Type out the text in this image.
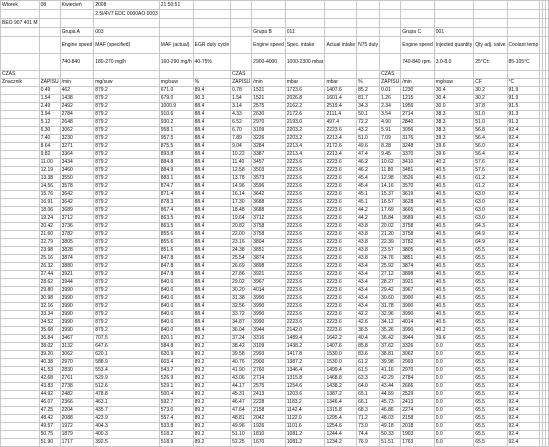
Wtorek	08	Kwiecień	2008	21:50:51														
			2.5l/4V7 EDC 0000AO 0003															
BEO 907 401 M																		
		Grupa A	003				Grupa B	011				Grupa C	001					
		Engine speed	MAF (specified)	MAF (actual)	EGR duty cycle		Engine speed	Spec. intake	Actual intake	N75 duty		Engine speed	Injected quantity	Qty adj. valve	Coolant temp			
		740-840	180-270 mg/h	160-290 mg/h	40-75%		2900-4000	1000-2300 mbar				740-840 rpm	3.0-8.0	25°C±	85-105°C			
CZAS						CZAS					CZAS							
Znacznik	ZAPISU	/min	mg/suw	mg/suw	%	ZAPISU	/min	mbar	mbar	%	ZAPISU	/min	mg/suw	CF	°C			
	0.49	462	879.2	671.0	89.4	0.78	1521	1723.6	1407.6	85.2	0.01	1230	30.4	30.2	91.9			
	1.54	1438	879.2	679.0	90.3	1.54	1521	2026.8	1601.4	81.7	1.26	1215	30.4	30.2	91.9			
	2.49	2492	879.2	1000.9	88.4	3.14	2575	2162.2	2519.4	34.3	2.34	1956	30.0	37.8	91.5			
	3.94	2784	879.2	910.6	88.4	4.33	2630	2172.6	2111.4	50.1	3.54	2714	38.3	51.0	91.3			
	5.12	2648	879.2	930.2	88.4	6.52	2970	2193.0	497.4	72.2	4.90	2840	38.3	51.0	91.3			
	6.30	3062	879.2	958.1	88.4	6.70	3109	2203.2	2223.6	43.2	5.91	3056	38.3	56.8	92.4			
	7.40	3230	879.2	957.5	88.4	7.89	3226	2203.2	2213.4	51.0	7.09	3176	39.3	56.4	92.4			
	8.64	3271	879.2	875.5	88.4	9.04	3284	2213.4	2172.6	49.6	8.28	3248	39.6	56.0	92.4			
	9.82	3364	879.2	893.8	88.4	10.22	3387	2213.4	2213.4	47.4	9.45	3370	39.6	56.4	92.4			
	11.00	3434	879.2	884.8	88.4	11.40	3457	2223.6	2223.6	46.2	10.62	3410	40.2	57.6	92.4			
	12.19	3460	879.2	884.9	88.4	12.58	3503	2223.6	2223.6	46.2	11.80	3481	40.5	57.6	92.4			
	13.38	3550	879.2	883.1	88.4	13.78	3573	2223.6	2223.6	45.4	12.98	3526	40.5	61.2	92.4			
	14.56	3578	879.2	874.7	88.4	14.96	3596	2223.6	2223.6	45.4	14.16	3570	40.5	61.2	92.4			
	15.76	3642	879.2	871.4	88.4	16.14	3642	2223.6	2223.6	45.1	15.37	3619	40.5	63.0	92.4			
	16.91	3642	879.2	878.3	88.4	17.30	3688	2223.6	2223.6	45.1	16.57	3628	40.5	63.0	92.4			
	18.06	3689	879.2	867.4	88.4	18.48	3688	2223.6	2223.6	44.2	17.69	3665	40.5	63.0	92.4			
	19.24	3712	879.2	863.5	89.4	19.64	3712	2223.6	2223.6	44.2	18.84	3689	40.5	63.0	92.4			
	20.42	3736	879.2	863.5	88.4	20.82	3758	2223.6	2223.6	43.8	20.02	3758	40.5	64.3	92.4			
	21.60	3782	879.2	855.6	88.4	22.00	3758	2223.6	2223.6	43.8	21.20	3758	40.5	64.9	92.4			
	22.79	3805	879.2	855.6	88.4	23.16	3804	2223.6	2223.6	43.8	22.39	3782	40.5	64.9	92.4			
	23.98	3828	879.2	851.6	88.4	24.38	3851	2223.6	2223.6	43.8	23.57	3805	40.5	65.5	92.4			
	25.16	3874	879.2	847.8	88.4	25.54	3874	2223.6	2223.6	43.8	24.76	3851	40.5	65.5	92.4			
	26.32	3880	879.2	847.8	88.4	26.69	3898	2223.6	2223.6	43.4	25.92	3874	40.5	65.5	92.4			
	27.44	3921	879.2	847.8	88.4	27.86	3921	2223.6	2223.6	43.4	27.12	3898	40.5	65.5	92.4			
	28.62	3944	879.2	840.0	88.4	29.02	3967	2223.6	2223.6	43.4	28.27	3921	40.5	65.5	92.4			
	29.80	3990	879.2	840.0	88.4	30.20	4014	2223.6	2223.6	43.4	29.42	3967	40.5	65.5	92.4			
	30.98	3990	879.2	840.0	88.4	31.38	3990	2223.6	2223.6	43.4	30.60	3990	40.5	65.5	92.4			
	32.16	3990	879.2	840.0	88.4	32.56	3990	2223.6	2223.6	43.4	31.78	3990	40.5	65.5	92.4			
	33.34	3990	879.2	840.0	88.4	33.72	3990	2223.6	2223.6	42.2	32.96	3990	40.5	65.5	92.4			
	34.52	3990	879.2	840.0	88.4	34.87	3990	2223.6	2223.6	42.6	34.12	4014	40.5	65.5	92.4			
	35.68	3990	879.2	840.0	88.4	36.04	3944	2142.0	2223.6	36.5	35.26	3990	40.2	65.5	92.4			
	36.84	3467	707.5	820.1	89.2	37.24	3316	1489.4	1642.2	40.4	36.42	3944	39.6	65.5	92.4			
	38.02	3132	647.6	584.8	89.2	38.42	3109	1438.2	1407.6	85.8	37.62	3326	0.0	65.5	92.4			
	39.20	3062	620.1	620.9	89.2	39.58	2993	1417.8	1530.0	83.6	38.81	3062	0.0	65.5	92.4			
	40.38	2970	588.9	603.4	89.2	40.76	2900	1387.2	1530.0	61.2	39.98	2993	0.0	65.5	92.4			
	41.53	2830	553.4	543.7	89.2	41.90	2760	1346.4	1499.4	61.5	41.16	2970	0.0	65.5	92.4			
	42.68	2761	529.9	526.9	89.2	43.06	2714	1315.8	1468.8	63.3	42.29	2784	0.0	65.5	92.4			
	43.83	2738	512.6	529.1	89.2	44.17	2575	1254.6	1438.2	64.0	43.44	2666	0.0	65.5	92.4			
	44.92	2482	478.8	500.4	89.2	45.31	2413	1203.6	1387.2	65.1	44.59	2529	0.0	65.5	92.4			
	46.07	2366	463.1	592.7	89.2	46.47	2228	1183.2	1346.4	66.1	45.73	2413	0.0	65.5	92.4			
	47.25	2204	435.7	573.0	89.2	47.64	2158	1142.4	1315.8	68.3	46.86	2274	0.0	65.5	92.4			
	48.42	2088	423.9	557.4	89.2	48.81	2042	1122.0	1295.4	71.2	48.03	2158	0.0	65.5	92.4			
	49.57	1972	404.3	533.8	89.2	49.96	1926	1101.6	1254.6	73.0	49.18	2018	0.0	65.5	92.4			
	50.75	1879	400.3	518.2	89.2	51.10	1810	1081.2	1244.4	74.4	50.33	1903	0.0	65.5	92.4			
	51.90	1717	392.5	518.9	89.2	52.25	1670	1081.2	1234.2	76.9	51.51	1763	0.0	65.5	92.4			
